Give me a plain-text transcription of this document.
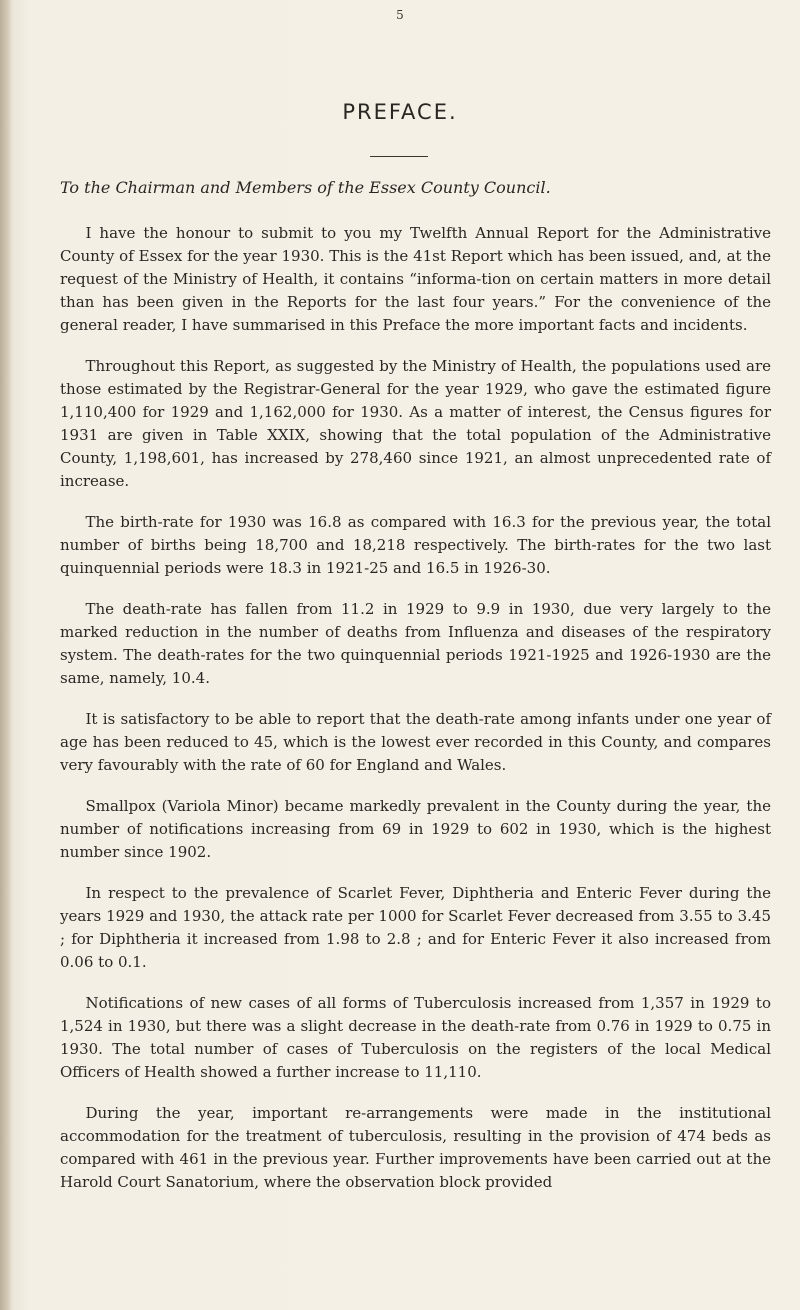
5
PREFACE.

To the Chairman and Members of the Essex County Council.

I have the honour to submit to you my Twelfth Annual Report for the Administrative County of Essex for the year 1930. This is the 41st Report which has been issued, and, at the request of the Ministry of Health, it contains “informa-tion on certain matters in more detail than has been given in the Reports for the last four years.” For the convenience of the general reader, I have summarised in this Preface the more important facts and incidents.

Throughout this Report, as suggested by the Ministry of Health, the populations used are those estimated by the Registrar-General for the year 1929, who gave the estimated figure 1,110,400 for 1929 and 1,162,000 for 1930. As a matter of interest, the Census figures for 1931 are given in Table XXIX, showing that the total population of the Administrative County, 1,198,601, has increased by 278,460 since 1921, an almost unprecedented rate of increase.

The birth-rate for 1930 was 16.8 as compared with 16.3 for the previous year, the total number of births being 18,700 and 18,218 respectively. The birth-rates for the two last quinquennial periods were 18.3 in 1921-25 and 16.5 in 1926-30.

The death-rate has fallen from 11.2 in 1929 to 9.9 in 1930, due very largely to the marked reduction in the number of deaths from Influenza and diseases of the respiratory system. The death-rates for the two quinquennial periods 1921-1925 and 1926-1930 are the same, namely, 10.4.

It is satisfactory to be able to report that the death-rate among infants under one year of age has been reduced to 45, which is the lowest ever recorded in this County, and compares very favourably with the rate of 60 for England and Wales.

Smallpox (Variola Minor) became markedly prevalent in the County during the year, the number of notifications increasing from 69 in 1929 to 602 in 1930, which is the highest number since 1902.

In respect to the prevalence of Scarlet Fever, Diphtheria and Enteric Fever during the years 1929 and 1930, the attack rate per 1000 for Scarlet Fever decreased from 3.55 to 3.45 ; for Diphtheria it increased from 1.98 to 2.8 ; and for Enteric Fever it also increased from 0.06 to 0.1.

Notifications of new cases of all forms of Tuberculosis increased from 1,357 in 1929 to 1,524 in 1930, but there was a slight decrease in the death-rate from 0.76 in 1929 to 0.75 in 1930. The total number of cases of Tuberculosis on the registers of the local Medical Officers of Health showed a further increase to 11,110.

During the year, important re-arrangements were made in the institutional accommodation for the treatment of tuberculosis, resulting in the provision of 474 beds as compared with 461 in the previous year. Further improvements have been carried out at the Harold Court Sanatorium, where the observation block provided
